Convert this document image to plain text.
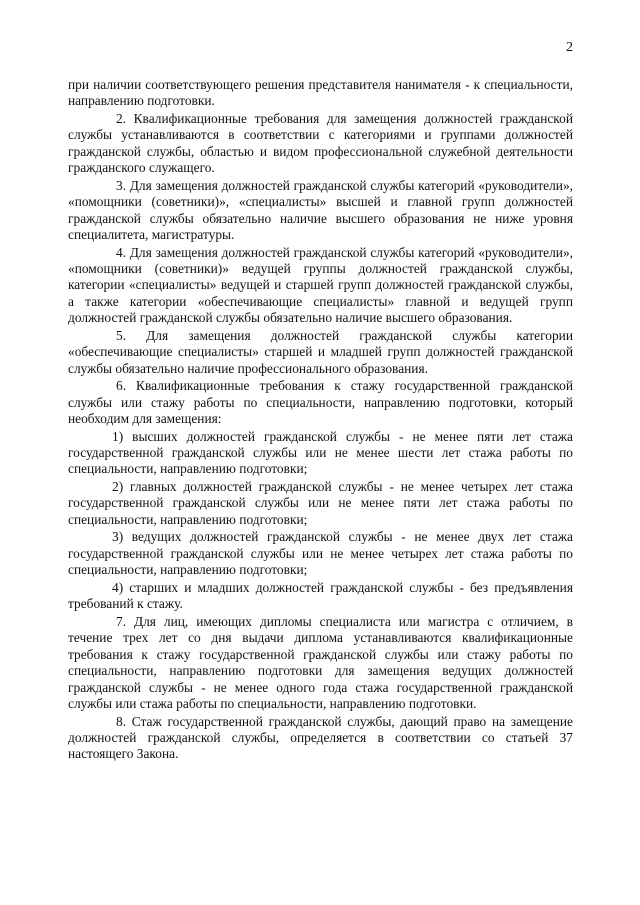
2

при наличии соответствующего решения представителя нанимателя - к специальности, направлению подготовки.

2. Квалификационные требования для замещения должностей гражданской службы устанавливаются в соответствии с категориями и группами должностей гражданской службы, областью и видом профессиональной служебной деятельности гражданского служащего.

3. Для замещения должностей гражданской службы категорий «руководители», «помощники (советники)», «специалисты» высшей и главной групп должностей гражданской службы обязательно наличие высшего образования не ниже уровня специалитета, магистратуры.

4. Для замещения должностей гражданской службы категорий «руководители», «помощники (советники)» ведущей группы должностей гражданской службы, категории «специалисты» ведущей и старшей групп должностей гражданской службы, а также категории «обеспечивающие специалисты» главной и ведущей групп должностей гражданской службы обязательно наличие высшего образования.

5. Для замещения должностей гражданской службы категории «обеспечивающие специалисты» старшей и младшей групп должностей гражданской службы обязательно наличие профессионального образования.

6. Квалификационные требования к стажу государственной гражданской службы или стажу работы по специальности, направлению подготовки, который необходим для замещения:

1) высших должностей гражданской службы - не менее пяти лет стажа государственной гражданской службы или не менее шести лет стажа работы по специальности, направлению подготовки;

2) главных должностей гражданской службы - не менее четырех лет стажа государственной гражданской службы или не менее пяти лет стажа работы по специальности, направлению подготовки;

3) ведущих должностей гражданской службы - не менее двух лет стажа государственной гражданской службы или не менее четырех лет стажа работы по специальности, направлению подготовки;

4) старших и младших должностей гражданской службы - без предъявления требований к стажу.

7. Для лиц, имеющих дипломы специалиста или магистра с отличием, в течение трех лет со дня выдачи диплома устанавливаются квалификационные требования к стажу государственной гражданской службы или стажу работы по специальности, направлению подготовки для замещения ведущих должностей гражданской службы - не менее одного года стажа государственной гражданской службы или стажа работы по специальности, направлению подготовки.

8. Стаж государственной гражданской службы, дающий право на замещение должностей гражданской службы, определяется в соответствии со статьей 37 настоящего Закона.
